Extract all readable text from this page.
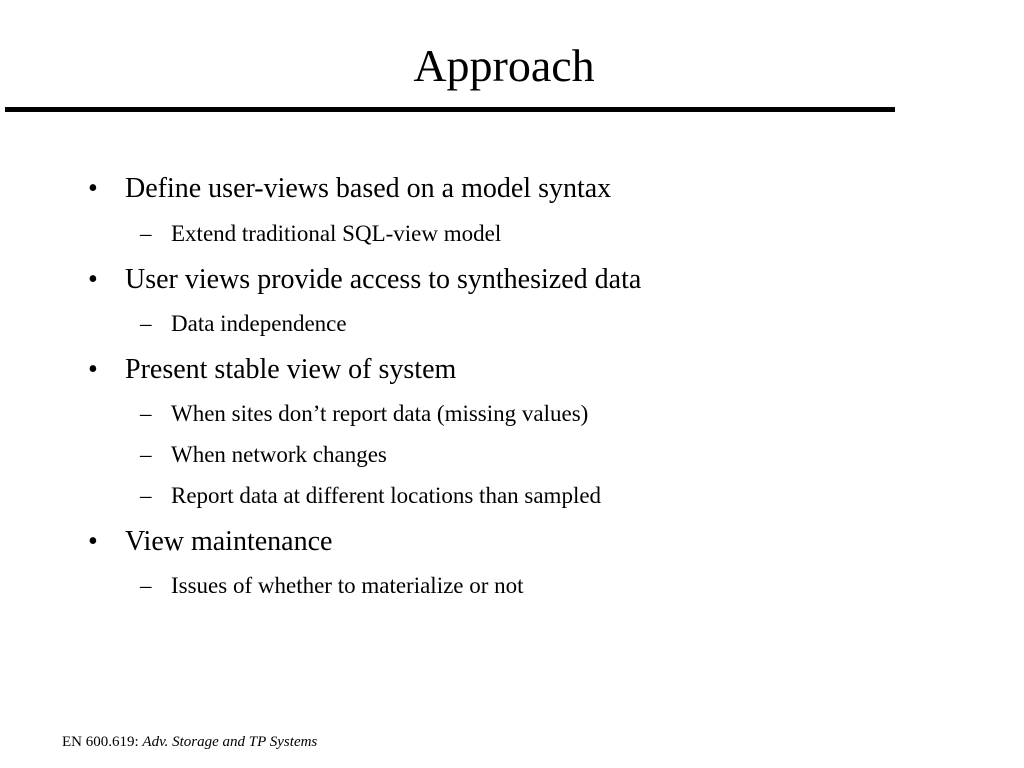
Approach
• Define user-views based on a model syntax
– Extend traditional SQL-view model
• User views provide access to synthesized data
– Data independence
• Present stable view of system
– When sites don’t report data (missing values)
– When network changes
– Report data at different locations than sampled
• View maintenance
– Issues of whether to materialize or not
EN 600.619: Adv. Storage and TP Systems
